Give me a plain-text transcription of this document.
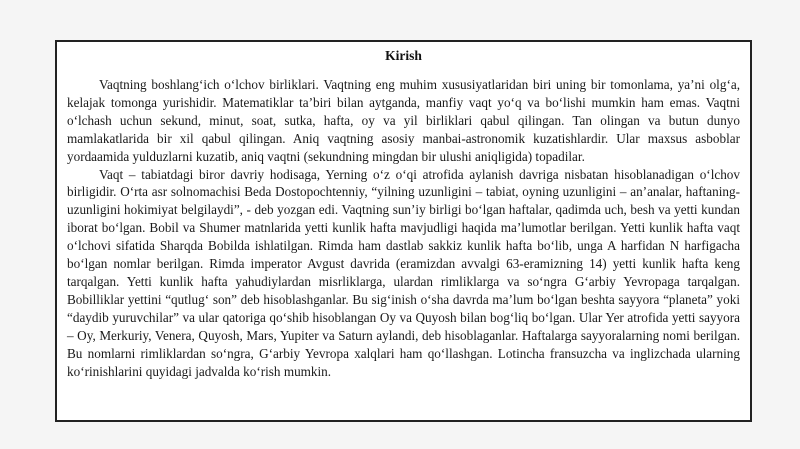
Kirish

Vaqtning boshlang‘ich o‘lchov birliklari. Vaqtning eng muhim xususiyatlaridan biri uning bir tomonlama, ya’ni olg‘a, kelajak tomonga yurishidir. Matematiklar ta’biri bilan aytganda, manfiy vaqt yo‘q va bo‘lishi mumkin ham emas. Vaqtni o‘lchash uchun sekund, minut, soat, sutka, hafta, oy va yil birliklari qabul qilingan. Tan olingan va butun dunyo mamlakatlarida bir xil qabul qilingan. Aniq vaqtning asosiy manbai-astronomik kuzatishlardir. Ular maxsus asboblar yordaamida yulduzlarni kuzatib, aniq vaqtni (sekundning mingdan bir ulushi aniqligida) topadilar.

Vaqt – tabiatdagi biror davriy hodisaga, Yerning o‘z o‘qi atrofida aylanish davriga nisbatan hisoblanadigan o‘lchov birligidir. O‘rta asr solnomachisi Beda Dostopochtenniy, “yilning uzunligini – tabiat, oyning uzunligini – an’analar, haftaning-uzunligini hokimiyat belgilaydi”, - deb yozgan edi. Vaqtning sun’iy birligi bo‘lgan haftalar, qadimda uch, besh va yetti kundan iborat bo‘lgan. Bobil va Shumer matnlarida yetti kunlik hafta mavjudligi haqida ma’lumotlar berilgan. Yetti kunlik hafta vaqt o‘lchovi sifatida Sharqda Bobilda ishlatilgan. Rimda ham dastlab sakkiz kunlik hafta bo‘lib, unga A harfidan N harfigacha bo‘lgan nomlar berilgan. Rimda imperator Avgust davrida (eramizdan avvalgi 63-eramizning 14) yetti kunlik hafta keng tarqalgan. Yetti kunlik hafta yahudiylardan misrliklarga, ulardan rimliklarga va so‘ngra G‘arbiy Yevropaga tarqalgan. Bobilliklar yettini “qutlug‘ son” deb hisoblashganlar. Bu sig‘inish o‘sha davrda ma’lum bo‘lgan beshta sayyora “planeta” yoki “daydib yuruvchilar” va ular qatoriga qo‘shib hisoblangan Oy va Quyosh bilan bog‘liq bo‘lgan. Ular Yer atrofida yetti sayyora – Oy, Merkuriy, Venera, Quyosh, Mars, Yupiter va Saturn aylandi, deb hisoblaganlar. Haftalarga sayyoralarning nomi berilgan. Bu nomlarni rimliklardan so‘ngra, G‘arbiy Yevropa xalqlari ham qo‘llashgan. Lotincha fransuzcha va inglizchada ularning ko‘rinishlarini quyidagi jadvalda ko‘rish mumkin.
